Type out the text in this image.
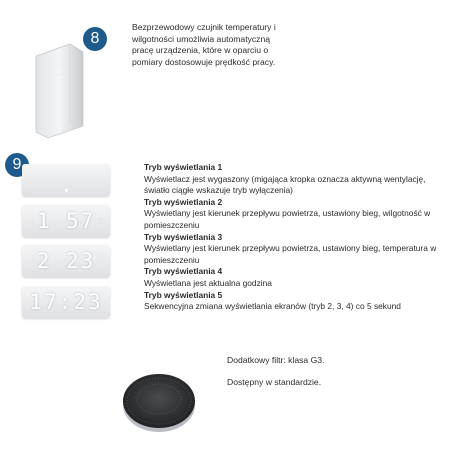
8
Bezprzewodowy czujnik temperatury i wilgotności umożliwia automatyczną pracę urządzenia, które w oparciu o pomiary dostosowuje prędkość pracy.
9
↓ 1 57 %
↑ 2 23 °C
17:23
Tryb wyświetlania 1
Wyświetlacz jest wygaszony (migająca kropka oznacza aktywną wentylację, światło ciągłe wskazuje tryb wyłączenia)
Tryb wyświetlania 2
Wyświetlany jest kierunek przepływu powietrza, ustawiony bieg, wilgotność w pomieszczeniu
Tryb wyświetlania 3
Wyświetlany jest kierunek przepływu powietrza, ustawiony bieg, temperatura w pomieszczeniu
Tryb wyświetlania 4
Wyświetlana jest aktualna godzina
Tryb wyświetlania 5
Sekwencyjna zmiana wyświetlania ekranów (tryb 2, 3, 4) co 5 sekund
Dodatkowy filtr: klasa G3.
Dostępny w standardzie.
